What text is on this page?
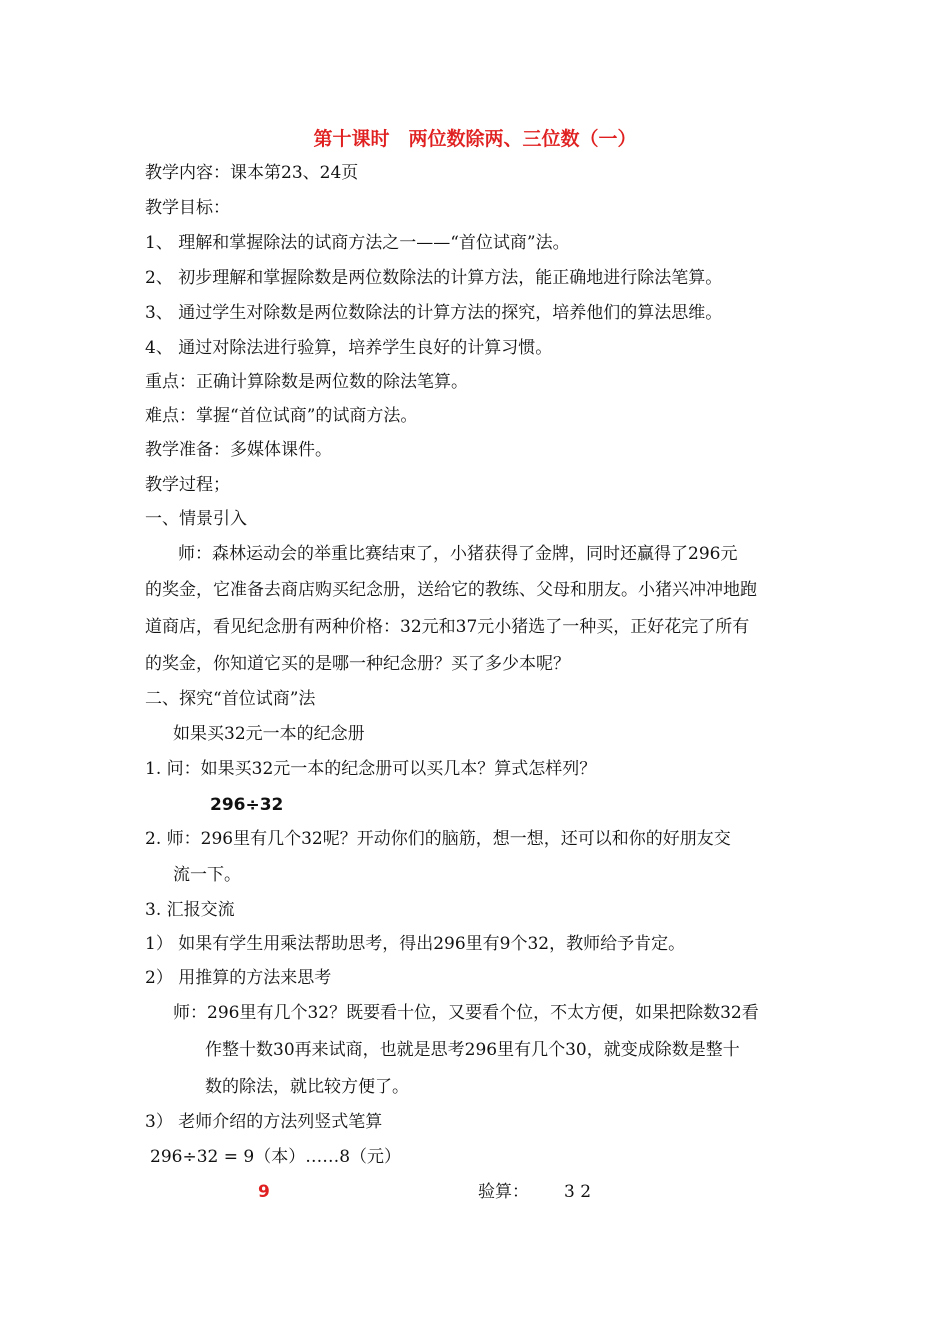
第十课时　两位数除两、三位数（一）
教学内容：课本第23、24页
教学目标：
1、 理解和掌握除法的试商方法之一——“首位试商”法。
2、 初步理解和掌握除数是两位数除法的计算方法，能正确地进行除法笔算。
3、 通过学生对除数是两位数除法的计算方法的探究，培养他们的算法思维。
4、 通过对除法进行验算，培养学生良好的计算习惯。
重点：正确计算除数是两位数的除法笔算。
难点：掌握“首位试商”的试商方法。
教学准备：多媒体课件。
教学过程；
一、情景引入
师：森林运动会的举重比赛结束了，小猪获得了金牌，同时还赢得了296元
的奖金，它准备去商店购买纪念册，送给它的教练、父母和朋友。小猪兴冲冲地跑
道商店，看见纪念册有两种价格：32元和37元小猪选了一种买，正好花完了所有
的奖金，你知道它买的是哪一种纪念册？买了多少本呢？
二、探究“首位试商”法
如果买32元一本的纪念册
1. 问：如果买32元一本的纪念册可以买几本？算式怎样列？
296÷32
2. 师：296里有几个32呢？开动你们的脑筋，想一想，还可以和你的好朋友交
流一下。
3. 汇报交流
1） 如果有学生用乘法帮助思考，得出296里有9个32，教师给予肯定。
2） 用推算的方法来思考
师：296里有几个32？既要看十位，又要看个位，不太方便，如果把除数32看
作整十数30再来试商，也就是思考296里有几个30，就变成除数是整十
数的除法，就比较方便了。
3） 老师介绍的方法列竖式笔算
296÷32 = 9（本）……8（元）
9	验算： 3 2
